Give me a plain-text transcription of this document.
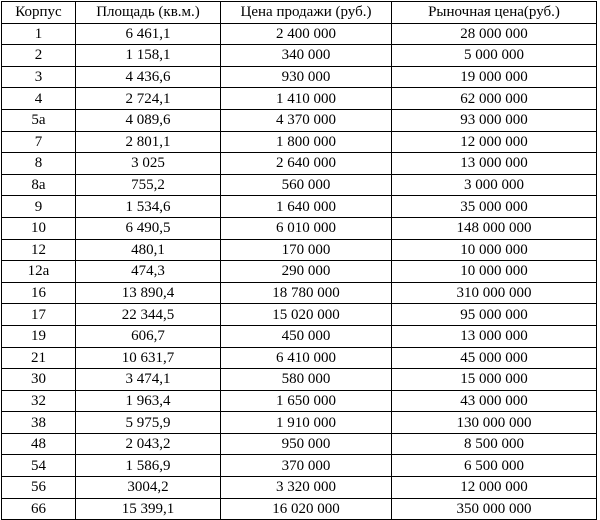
Корпус	Площадь (кв.м.)	Цена продажи (руб.)	Рыночная цена(руб.)
1	6 461,1	2 400 000	28 000 000
2	1 158,1	340 000	5 000 000
3	4 436,6	930 000	19 000 000
4	2 724,1	1 410 000	62 000 000
5а	4 089,6	4 370 000	93 000 000
7	2 801,1	1 800 000	12 000 000
8	3 025	2 640 000	13 000 000
8а	755,2	560 000	3 000 000
9	1 534,6	1 640 000	35 000 000
10	6 490,5	6 010 000	148 000 000
12	480,1	170 000	10 000 000
12а	474,3	290 000	10 000 000
16	13 890,4	18 780 000	310 000 000
17	22 344,5	15 020 000	95 000 000
19	606,7	450 000	13 000 000
21	10 631,7	6 410 000	45 000 000
30	3 474,1	580 000	15 000 000
32	1 963,4	1 650 000	43 000 000
38	5 975,9	1 910 000	130 000 000
48	2 043,2	950 000	8 500 000
54	1 586,9	370 000	6 500 000
56	3004,2	3 320 000	12 000 000
66	15 399,1	16 020 000	350 000 000
